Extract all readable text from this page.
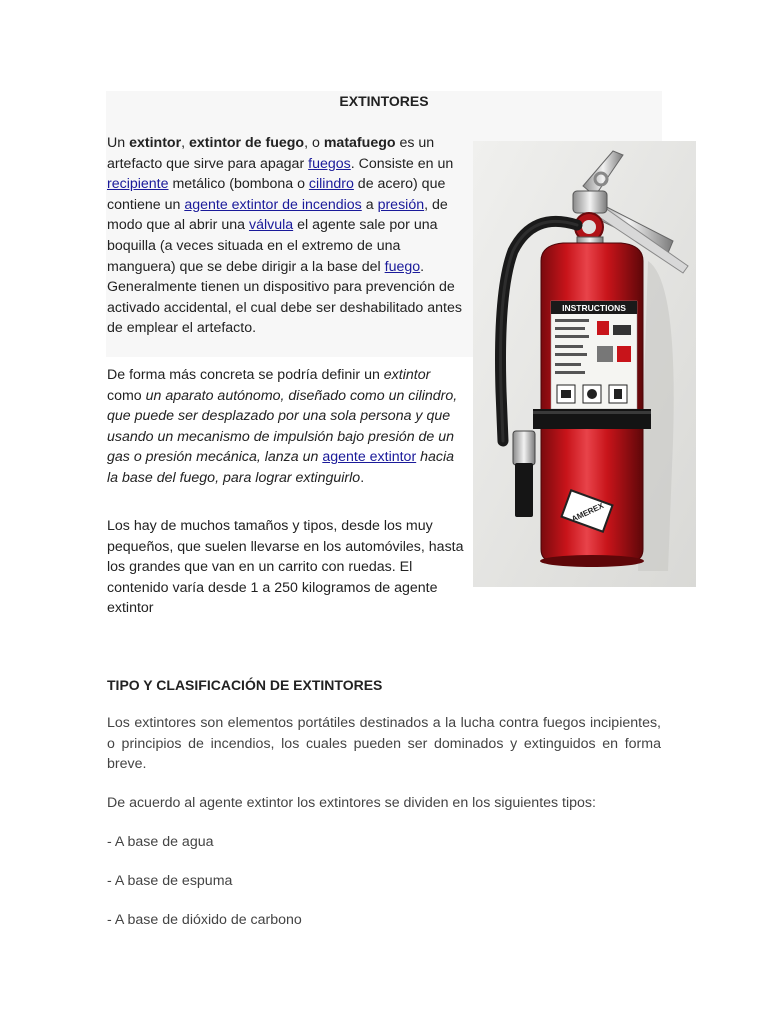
EXTINTORES

Un extintor, extintor de fuego, o matafuego es un artefacto que sirve para apagar fuegos. Consiste en un recipiente metálico (bombona o cilindro de acero) que contiene un agente extintor de incendios a presión, de modo que al abrir una válvula el agente sale por una boquilla (a veces situada en el extremo de una manguera) que se debe dirigir a la base del fuego. Generalmente tienen un dispositivo para prevención de activado accidental, el cual debe ser deshabilitado antes de emplear el artefacto.

De forma más concreta se podría definir un extintor como un aparato autónomo, diseñado como un cilindro, que puede ser desplazado por una sola persona y que usando un mecanismo de impulsión bajo presión de un gas o presión mecánica, lanza un agente extintor hacia la base del fuego, para lograr extinguirlo.

Los hay de muchos tamaños y tipos, desde los muy pequeños, que suelen llevarse en los automóviles, hasta los grandes que van en un carrito con ruedas. El contenido varía desde 1 a 250 kilogramos de agente extintor

INSTRUCTIONS
AMEREX
TIPO Y CLASIFICACIÓN DE EXTINTORES
Los extintores son elementos portátiles destinados a la lucha contra fuegos incipientes, o principios de incendios, los cuales pueden ser dominados y extinguidos en forma breve.
De acuerdo al agente extintor los extintores se dividen en los siguientes tipos:
- A base de agua
- A base de espuma
- A base de dióxido de carbono
